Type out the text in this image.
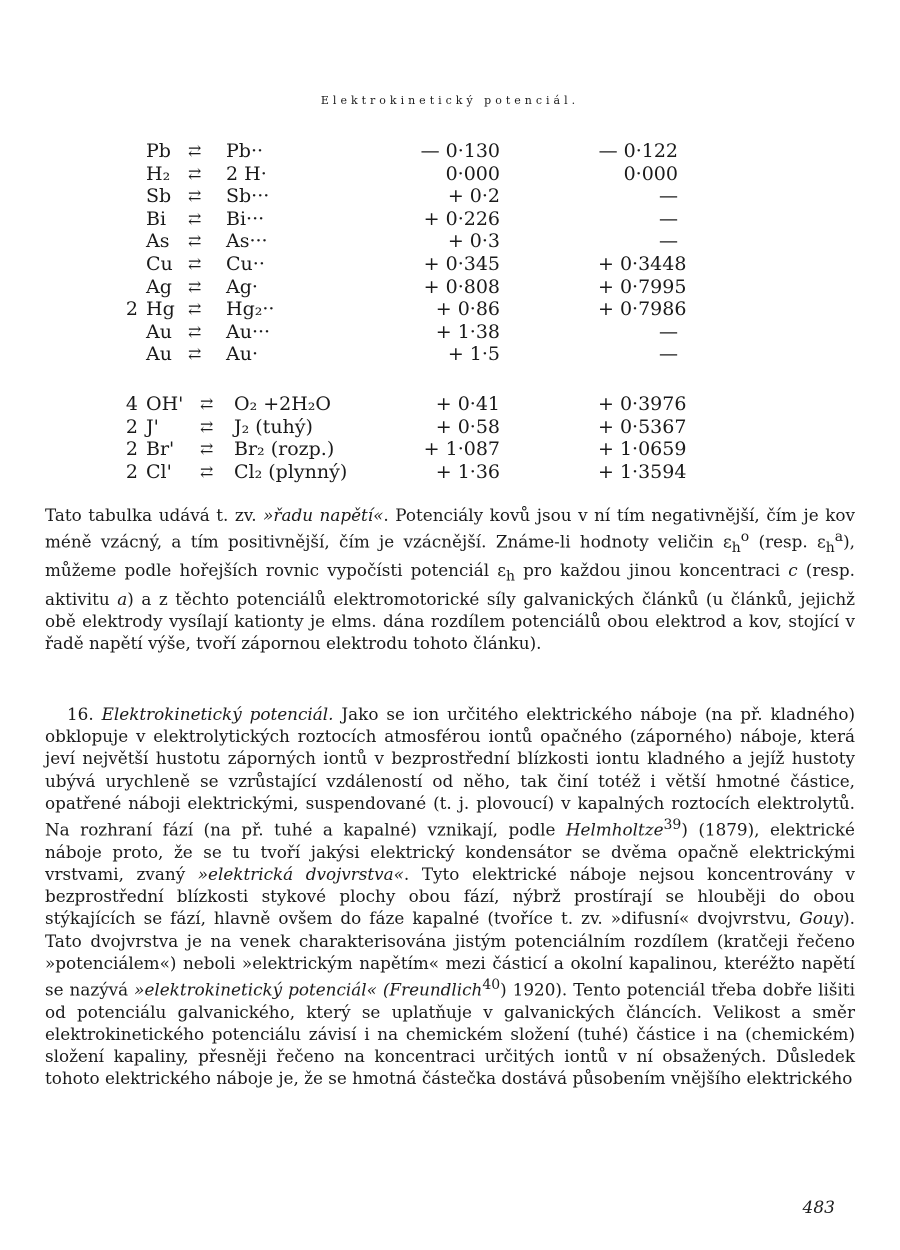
Elektrokinetický potenciál.
Pb ⇄ Pb··	— 0·130	— 0·122
H₂ ⇄ 2 H·	0·000	0·000
Sb ⇄ Sb···	+ 0·2	—
Bi ⇄ Bi···	+ 0·226	—
As ⇄ As···	+ 0·3	—
Cu ⇄ Cu··	+ 0·345	+ 0·3448
Ag ⇄ Ag·	+ 0·808	+ 0·7995
2 Hg ⇄ Hg₂··	+ 0·86	+ 0·7986
Au ⇄ Au···	+ 1·38	—
Au ⇄ Au·	+ 1·5	—
4 OH' ⇄ O₂ +2H₂O	+ 0·41	+ 0·3976
2 J'	⇄ J₂ (tuhý)	+ 0·58	+ 0·5367
2 Br' ⇄ Br₂ (rozp.)	+ 1·087	+ 1·0659
2 Cl' ⇄ Cl₂ (plynný)	+ 1·36	+ 1·3594

Tato tabulka udává t. zv. »řadu napětí«. Potenciály kovů jsou v ní tím negativnější, čím je kov méně vzácný, a tím positivnější, čím je vzácnější. Známe-li hodnoty veličin $\varepsilon_h^o$ (resp. $\varepsilon_h^a$), můžeme podle hořejších rovnic vypočísti potenciál $\varepsilon_h$ pro každou jinou koncentraci c (resp. aktivitu a) a z těchto potenciálů elektromotorické síly galvanických článků (u článků, jejichž obě elektrody vysílají kationty je elms. dána rozdílem potenciálů obou elektrod a kov, stojící v řadě napětí výše, tvoří zápornou elektrodu tohoto článku).

16. Elektrokinetický potenciál. Jako se ion určitého elektrického náboje (na př. kladného) obklopuje v elektrolytických roztocích atmosférou iontů opačného (záporného) náboje, která jeví největší hustotu záporných iontů v bezprostřední blízkosti iontu kladného a jejíž hustoty ubývá urychleně se vzrůstající vzdáleností od něho, tak činí totéž i větší hmotné částice, opatřené náboji elektrickými, suspendované (t. j. plovoucí) v kapalných roztocích elektrolytů. Na rozhraní fází (na př. tuhé a kapalné) vznikají, podle Helmholtze$^{39}$) (1879), elektrické náboje proto, že se tu tvoří jakýsi elektrický kondensátor se dvěma opačně elektrickými vrstvami, zvaný »elektrická dvojvrstva«. Tyto elektrické náboje nejsou koncentrovány v bezprostřední blízkosti stykové plochy obou fází, nýbrž prostírají se hlouběji do obou stýkajících se fází, hlavně ovšem do fáze kapalné (tvoříce t. zv. »difusní« dvojvrstvu, Gouy). Tato dvojvrstva je na venek charakterisována jistým potenciálním rozdílem (kratčeji řečeno »potenciálem«) neboli »elektrickým napětím« mezi částicí a okolní kapalinou, kteréžto napětí se nazývá »elektrokinetický potenciál« (Freundlich$^{40}$) 1920). Tento potenciál třeba dobře lišiti od potenciálu galvanického, který se uplatňuje v galvanických článcích. Velikost a směr elektrokinetického potenciálu závisí i na chemickém složení (tuhé) částice i na (chemickém) složení kapaliny, přesněji řečeno na koncentraci určitých iontů v ní obsažených. Důsledek tohoto elektrického náboje je, že se hmotná částečka dostává působením vnějšího elektrického

483
